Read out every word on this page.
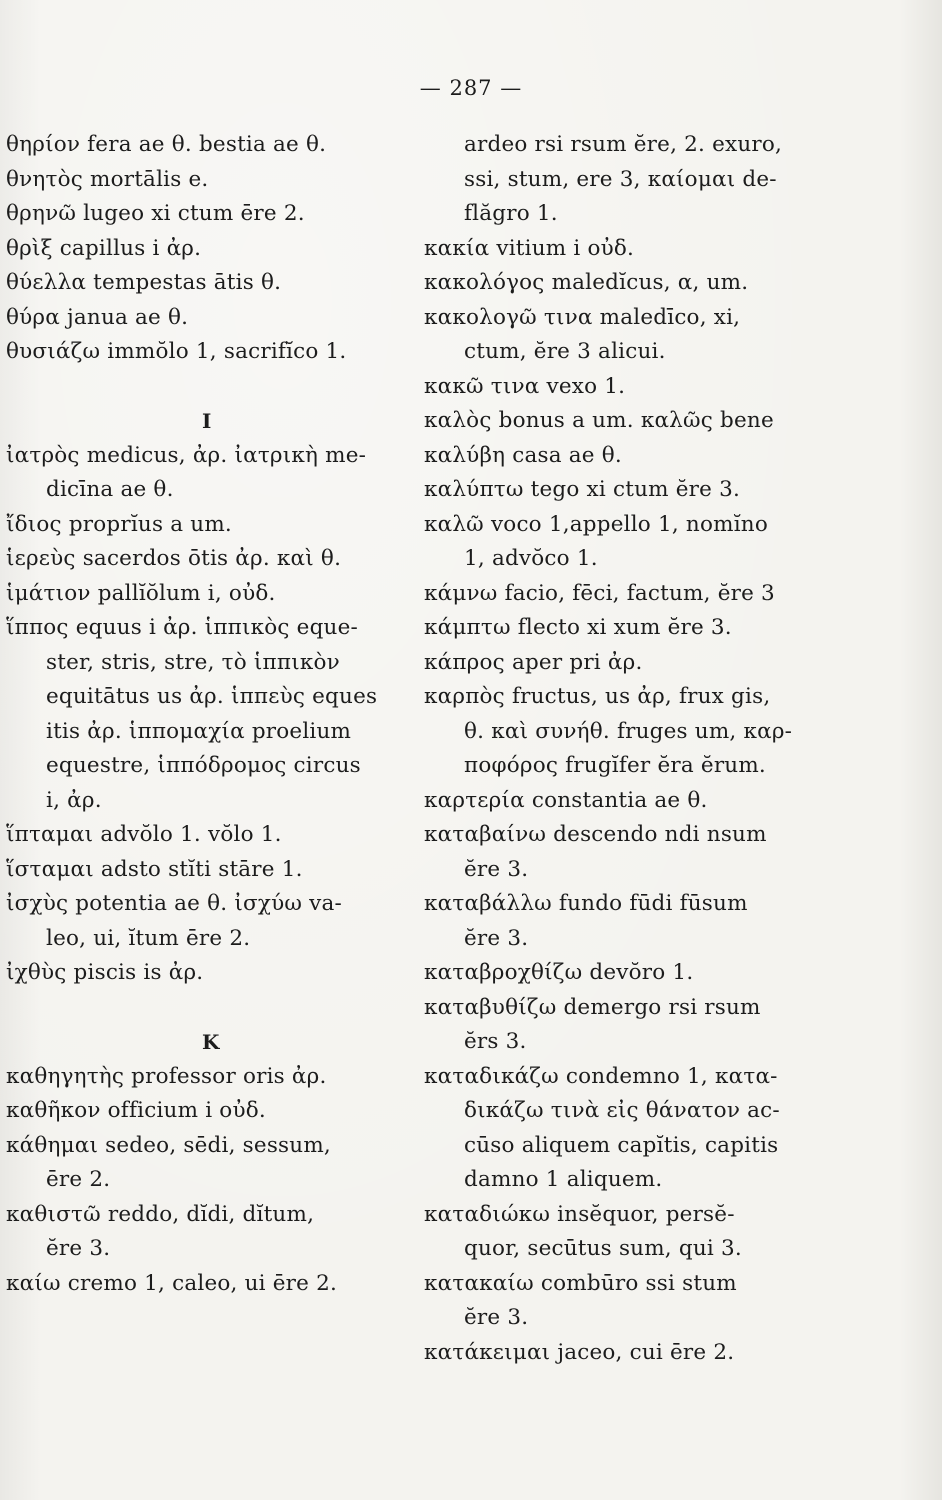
— 287 —
θηρίον fera ae θ. bestia ae θ.
θνητὸς mortālis e.
θρηνῶ lugeo xi ctum ēre 2.
θρὶξ capillus i ἀρ.
θύελλα tempestas ātis θ.
θύρα janua ae θ.
θυσιάζω immŏlo 1, sacrifĭco 1.
Ι
ἰατρὸς medicus, ἀρ. ἰατρικὴ me-
dicīna ae θ.
ἴδιος proprĭus a um.
ἱερεὺς sacerdos ōtis ἀρ. καὶ θ.
ἱμάτιον pallĭŏlum i, οὐδ.
ἵππος equus i ἀρ. ἱππικὸς eque-
ster, stris, stre, τὸ ἱππικὸν
equitātus us ἀρ. ἱππεὺς eques
itis ἀρ. ἱππομαχία proelium
equestre, ἱππόδρομος circus
i, ἀρ.
ἵπταμαι advŏlo 1. vŏlo 1.
ἵσταμαι adsto stĭti stāre 1.
ἰσχὺς potentia ae θ. ἰσχύω va-
leo, ui, ĭtum ēre 2.
ἰχθὺς piscis is ἀρ.
Κ
καθηγητὴς professor oris ἀρ.
καθῆκον officium i οὐδ.
κάθημαι sedeo, sēdi, sessum,
ēre 2.
καθιστῶ reddo, dĭdi, dĭtum,
ĕre 3.
καίω cremo 1, caleo, ui ēre 2.
ardeo rsi rsum ĕre, 2. exuro,
ssi, stum, ere 3, καίομαι de-
flăgro 1.
κακία vitium i οὐδ.
κακολόγος maledĭcus, α, um.
κακολογῶ τινα maledīco, xi,
ctum, ĕre 3 alicui.
κακῶ τινα vexo 1.
καλὸς bonus a um. καλῶς bene
καλύβη casa ae θ.
καλύπτω tego xi ctum ĕre 3.
καλῶ voco 1,appello 1, nomĭno
1, advŏco 1.
κάμνω facio, fēci, factum, ĕre 3
κάμπτω flecto xi xum ĕre 3.
κάπρος aper pri ἀρ.
καρπὸς fructus, us ἀρ, frux gis,
θ. καὶ συνήθ. fruges um, καρ-
ποφόρος frugĭfer ĕra ĕrum.
καρτερία constantia ae θ.
καταβαίνω descendo ndi nsum
ĕre 3.
καταβάλλω fundo fūdi fūsum
ĕre 3.
καταβροχθίζω devŏro 1.
καταβυθίζω demergo rsi rsum
ĕrs 3.
καταδικάζω condemno 1, κατα-
δικάζω τινὰ εἰς θάνατον ac-
cūso aliquem capĭtis, capitis
damno 1 aliquem.
καταδιώκω insĕquor, persĕ-
quor, secūtus sum, qui 3.
κατακαίω combūro ssi stum
ĕre 3.
κατάκειμαι jaceo, cui ēre 2.
